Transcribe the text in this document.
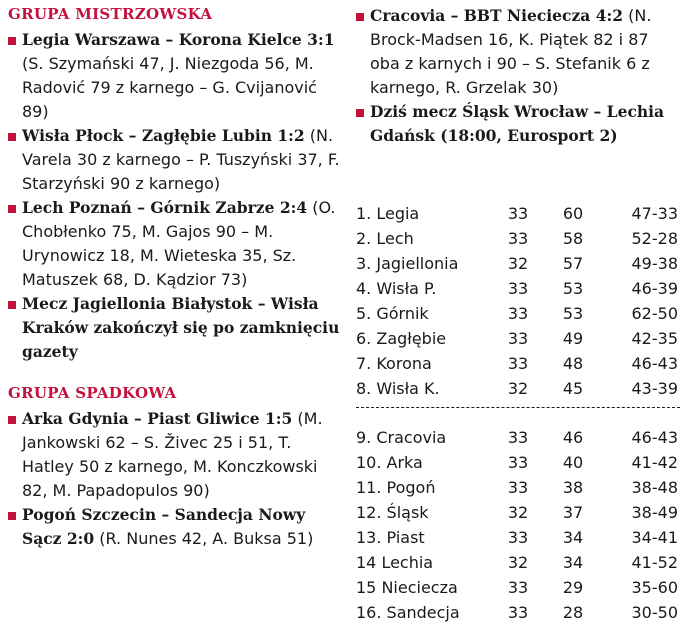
GRUPA MISTRZOWSKA
Legia Warszawa – Korona Kielce 3:1 (S. Szymański 47, J. Niezgoda 56, M. Radović 79 z karnego – G. Cvijanović 89)
Wisła Płock – Zagłębie Lubin 1:2 (N. Varela 30 z karnego – P. Tuszyński 37, F. Starzyński 90 z karnego)
Lech Poznań – Górnik Zabrze 2:4 (O. Chobłenko 75, M. Gajos 90 – M. Urynowicz 18, M. Wieteska 35, Sz. Matuszek 68, D. Kądzior 73)
Mecz Jagiellonia Białystok – Wisła Kraków zakończył się po zamknięciu gazety
GRUPA SPADKOWA
Arka Gdynia – Piast Gliwice 1:5 (M. Jankowski 62 – S. Živec 25 i 51, T. Hatley 50 z karnego, M. Konczkowski 82, M. Papadopulos 90)
Pogoń Szczecin – Sandecja Nowy Sącz 2:0 (R. Nunes 42, A. Buksa 51)
Cracovia – BBT Niecieczа 4:2 (N. Brock-Madsen 16, K. Piątek 82 i 87 oba z karnych i 90 – S. Stefanik 6 z karnego, R. Grzelak 30)
Dziś mecz Śląsk Wrocław – Lechia Gdańsk (18:00, Eurosport 2)
1. Legia	33	60	47-33
2. Lech	33	58	52-28
3. Jagiellonia	32	57	49-38
4. Wisła P.	33	53	46-39
5. Górnik	33	53	62-50
6. Zagłębie	33	49	42-35
7. Korona	33	48	46-43
8. Wisła K.	32	45	43-39

9. Cracovia	33	46	46-43
10. Arka	33	40	41-42
11. Pogoń	33	38	38-48
12. Śląsk	32	37	38-49
13. Piast	33	34	34-41
14 Lechia	32	34	41-52
15 Niecieczа	33	29	35-60
16. Sandecja	33	28	30-50
